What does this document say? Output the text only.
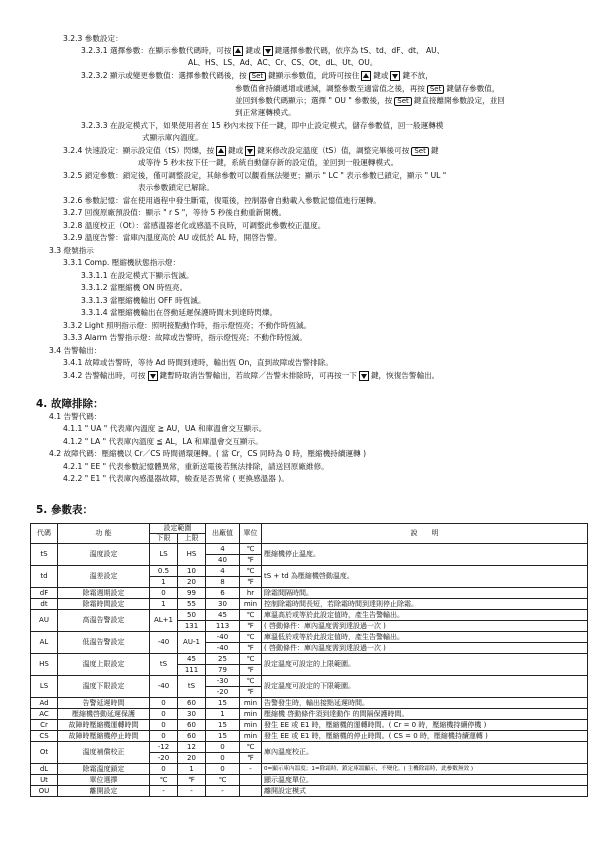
3.2.3 參數設定：
3.2.3.1 選擇參數：在顯示參數代碼時，可按 鍵或 鍵選擇參數代碼，依序為 tS、td、dF、dt、 AU、
AL、HS、LS、Ad、AC、Cr、CS、Ot、dL、Ut、OU。
3.2.3.2 顯示或變更參數值：選擇參數代碼後，按 Set 鍵顯示參數值，此時可按住 鍵或 鍵不放，
參數值會持續遞增或遞減，調整參數至適當值之後，再按 Set 鍵儲存參數值，
並回到參數代碼顯示；選擇 " OU " 參數後，按 Set 鍵直接離開參數設定，並回
到正常運轉模式。
3.2.3.3 在設定模式下，如果使用者在 15 秒內未按下任一鍵，即中止設定模式，儲存參數值，回一般運轉模
式顯示庫內溫度。
3.2.4 快速設定：顯示設定值（tS）閃爍，按 鍵或 鍵來修改設定溫度（tS）值，調整完畢後可按 Set 鍵
或等待 5 秒未按下任一鍵，系統自動儲存新的設定值，並回到一般運轉模式。
3.2.5 鎖定參數：鎖定後，僅可調整設定，其餘參數可以觀看無法變更；顯示 " LC " 表示參數已鎖定，顯示 " UL "
表示參數鎖定已解除。
3.2.6 參數記憶：當在使用過程中發生斷電，復電後，控制器會自動載入參數記憶值進行運轉。
3.2.7 回復原廠預設值：顯示 " r S "，等待 5 秒後自動重新開機。
3.2.8 溫度校正（Ot）：當感溫器老化或感溫不良時，可調整此參數校正溫度。
3.2.9 溫度告警：當庫內溫度高於 AU 或低於 AL 時，開啓告警。
3.3 燈號指示
3.3.1 Comp. 壓縮機狀態指示燈：
3.3.1.1 在設定模式下顯示恆滅。
3.3.1.2 當壓縮機 ON 時恆亮。
3.3.1.3 當壓縮機輸出 OFF 時恆滅。
3.3.1.4 當壓縮機輸出在啓動延遲保護時間未到達時閃爍。
3.3.2 Light 照明指示燈：照明接點動作時，指示燈恆亮；不動作時恆滅。
3.3.3 Alarm 告警指示燈：故障或告警時，指示燈恆亮；不動作時恆滅。
3.4 告警輸出：
3.4.1 故障或告警時，等待 Ad 時間到達時，輸出恆 On，直到故障或告警排除。
3.4.2 告警輸出時，可按 鍵暫時取消告警輸出，若故障／告警未排除時，可再按一下 鍵，恢復告警輸出。
4. 故障排除：
4.1 告警代碼：
4.1.1 " UA " 代表庫內溫度 ≧ AU，UA 和庫溫會交互顯示。
4.1.2 " LA " 代表庫內溫度 ≦ AL，LA 和庫溫會交互顯示。
4.2 故障代碼：壓縮機以 Cr／CS 時間循環運轉。( 當 Cr，CS 同時為 0 時，壓縮機持續運轉 )
4.2.1 " EE " 代表參數記憶體異常，重新送電後若無法排除，請送回原廠維修。
4.2.2 " E1 " 代表庫內感溫器故障，檢查是否異常 ( 更換感溫器 )。
5. 參數表：
代碼	功 能	設定範圍		出廠值	單位	說　　明
		下限	上限			
tS	溫度設定	LS	HS	4	℃	壓縮機停止溫度。
				40	℉	
td	溫差設定	0.5	10	4	℃	tS + td 為壓縮機啓動溫度。
		1	20	8	℉	
dF	除霜週期設定	0	99	6	hr	除霜間隔時間。
dt	除霜時間設定	1	55	30	min	控制除霜時間長短，若除霜時間到達則停止除霜。
AU	高溫告警設定	AL+1	50	45	℃	庫溫高於或等於此設定值時，產生告警輸出。
			131	113	℉	( 啓動條件：庫內溫度需到達設過一次 )
AL	低溫告警設定	-40	AU-1	-40	℃	庫溫低於或等於此設定值時，產生告警輸出。
				-40	℉	( 啓動條件：庫內溫度需到達設過一次 )
HS	溫度上限設定	tS	45	25	℃	設定溫度可設定的上限範圍。
			111	79	℉	
LS	溫度下限設定	-40	tS	-30	℃	設定溫度可設定的下限範圍。
				-20	℉	
Ad	告警延遲時間	0	60	15	min	告警發生時，輸出接點延遲時間。
AC	壓縮機啓動延遲保護	0	30	1	min	壓縮機 啓動條件須到達動作 的間隔保護時間。
Cr	故障時壓縮機運轉時間	0	60	15	min	發生 EE 或 E1 時，壓縮機的運轉時間。( Cr = 0 時，壓縮機持續停機 )
CS	故障時壓縮機停止時間	0	60	15	min	發生 EE 或 E1 時，壓縮機的停止時間。( CS = 0 時，壓縮機持續運轉 )
Ot	溫度補償校正	-12	12	0	℃	庫內溫度校正。
		-20	20	0	℉	
dL	除霜溫度鎖定	0	1	0	-	0=顯示庫內溫度；1=除霜時，鎖定庫溫顯示，不變化。( 主機除霜時，此參數無效 )
Ut	單位選擇	℃	℉	℃		顯示溫度單位。
OU	離開設定	-	-	-		離開設定模式
